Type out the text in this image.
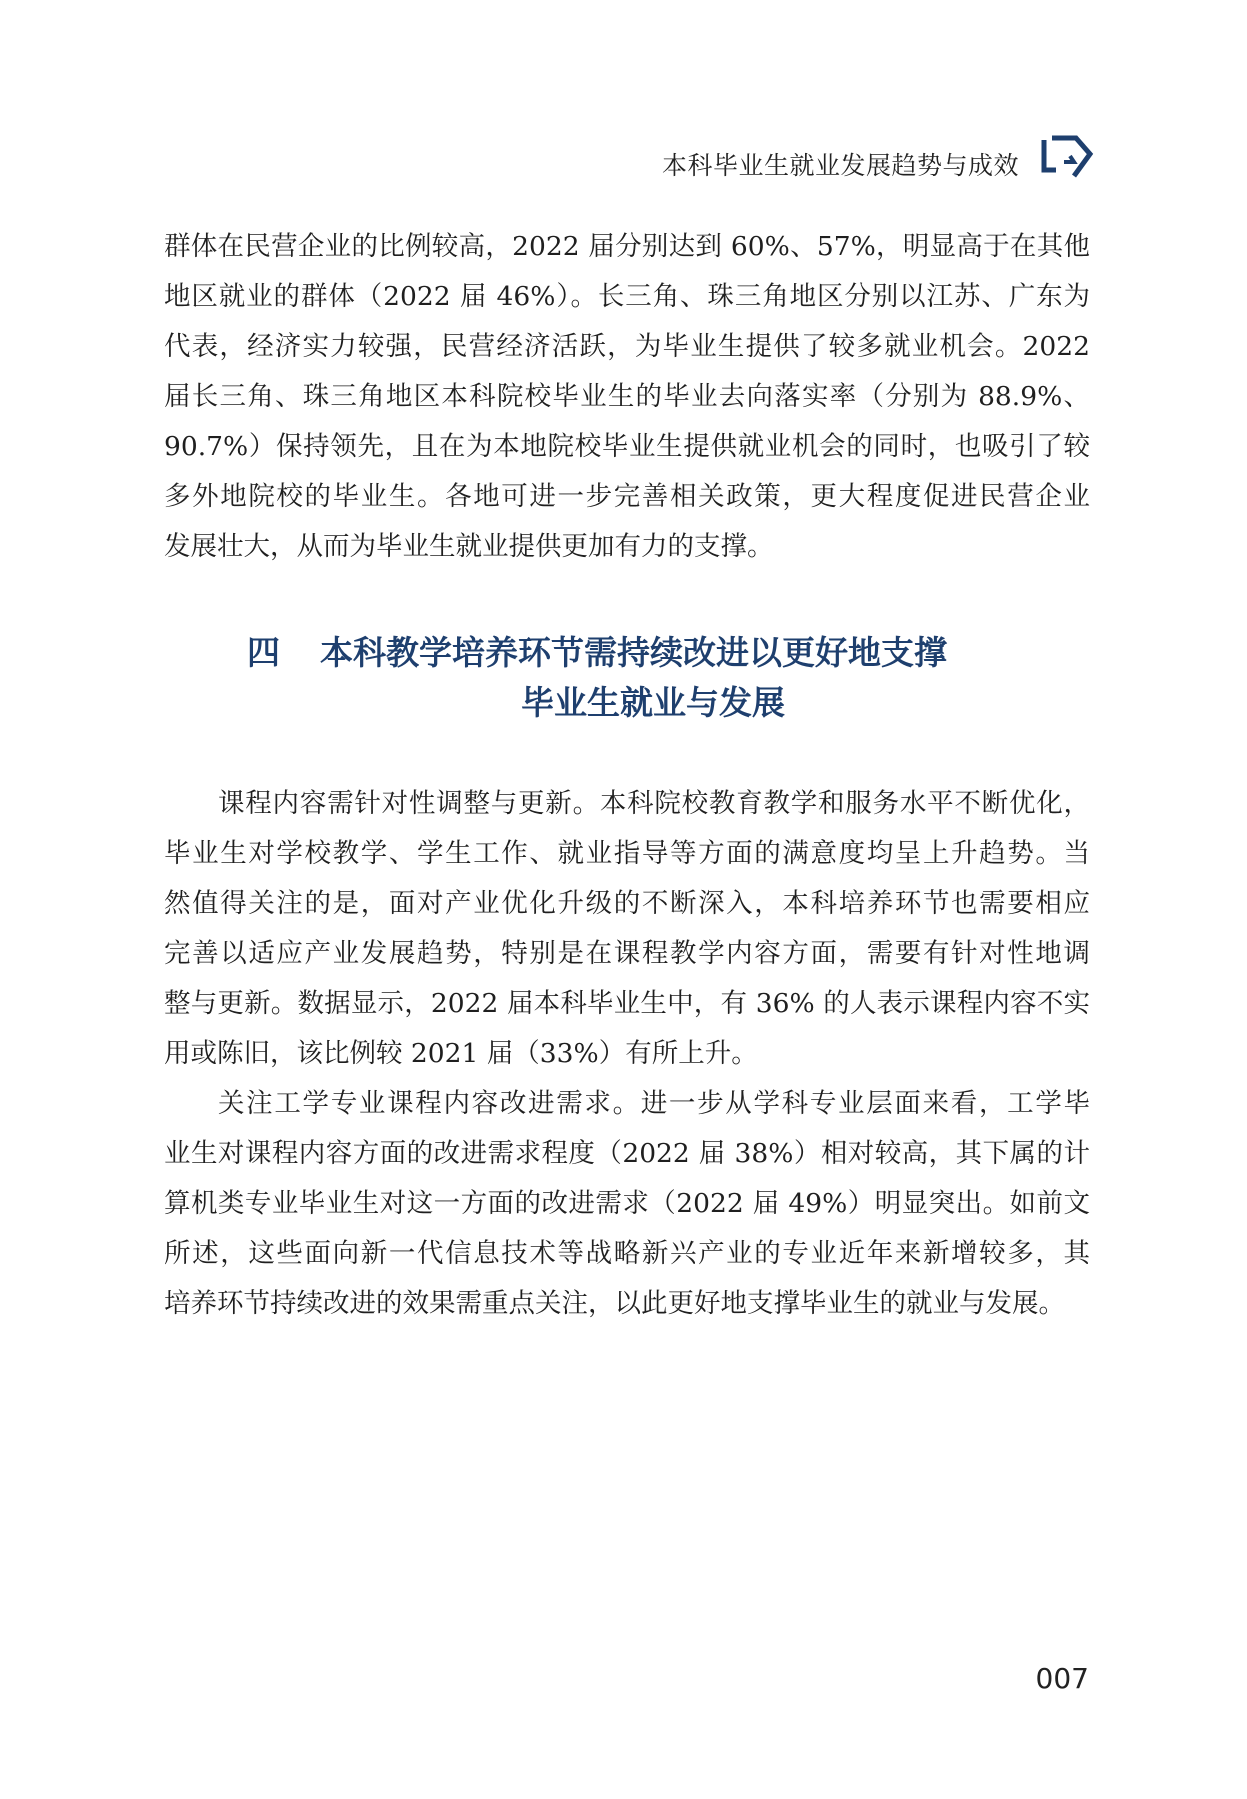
本科毕业生就业发展趋势与成效
群体在民营企业的比例较高，2022 届分别达到 60%、57%，明显高于在其他
地区就业的群体（2022 届 46%）。长三角、珠三角地区分别以江苏、广东为
代表，经济实力较强，民营经济活跃，为毕业生提供了较多就业机会。2022
届长三角、珠三角地区本科院校毕业生的毕业去向落实率（分别为 88.9%、
90.7%）保持领先，且在为本地院校毕业生提供就业机会的同时，也吸引了较
多外地院校的毕业生。各地可进一步完善相关政策，更大程度促进民营企业
发展壮大，从而为毕业生就业提供更加有力的支撑。
四 本科教学培养环节需持续改进以更好地支撑
毕业生就业与发展
课程内容需针对性调整与更新。本科院校教育教学和服务水平不断优化，
毕业生对学校教学、学生工作、就业指导等方面的满意度均呈上升趋势。当
然值得关注的是，面对产业优化升级的不断深入，本科培养环节也需要相应
完善以适应产业发展趋势，特别是在课程教学内容方面，需要有针对性地调
整与更新。数据显示，2022 届本科毕业生中，有 36% 的人表示课程内容不实
用或陈旧，该比例较 2021 届（33%）有所上升。
关注工学专业课程内容改进需求。进一步从学科专业层面来看，工学毕
业生对课程内容方面的改进需求程度（2022 届 38%）相对较高，其下属的计
算机类专业毕业生对这一方面的改进需求（2022 届 49%）明显突出。如前文
所述，这些面向新一代信息技术等战略新兴产业的专业近年来新增较多，其
培养环节持续改进的效果需重点关注，以此更好地支撑毕业生的就业与发展。
007
